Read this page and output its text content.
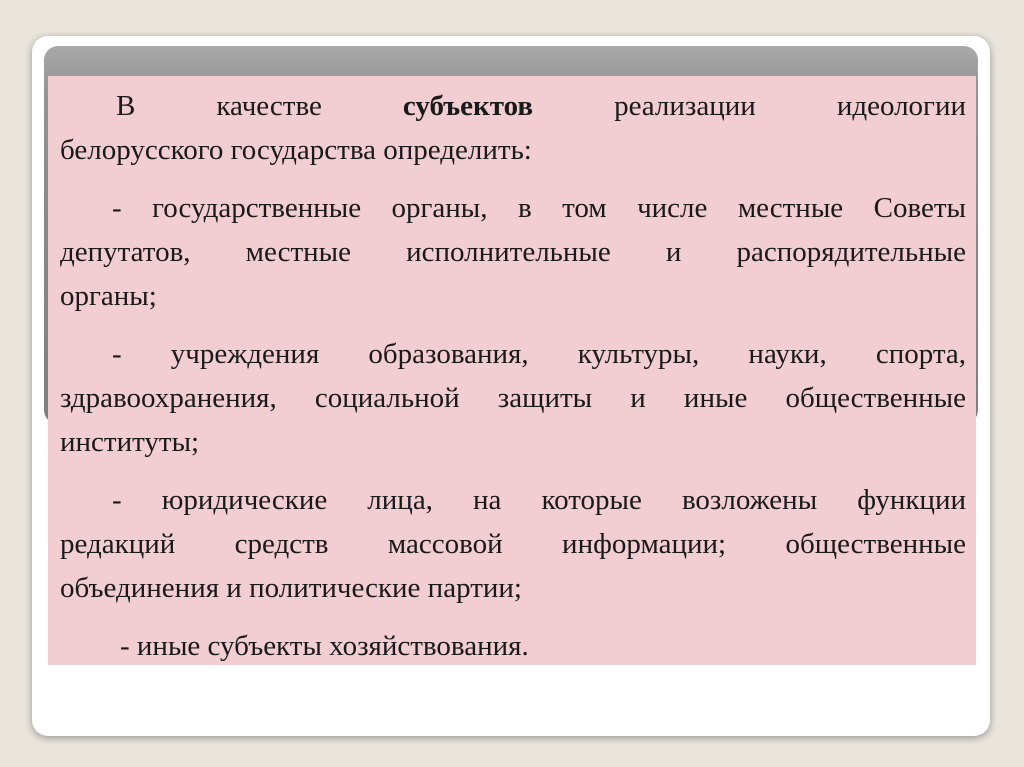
В	качестве	субъектов	реализации	идеологии
белорусского государства определить:
- государственные органы, в том числе местные Советы
депутатов, местные исполнительные и распорядительные
органы;
- учреждения образования, культуры, науки, спорта,
здравоохранения, социальной защиты и иные общественные
институты;
- юридические лица, на которые возложены функции
редакций средств массовой информации; общественные
объединения и политические партии;
- иные субъекты хозяйствования.
